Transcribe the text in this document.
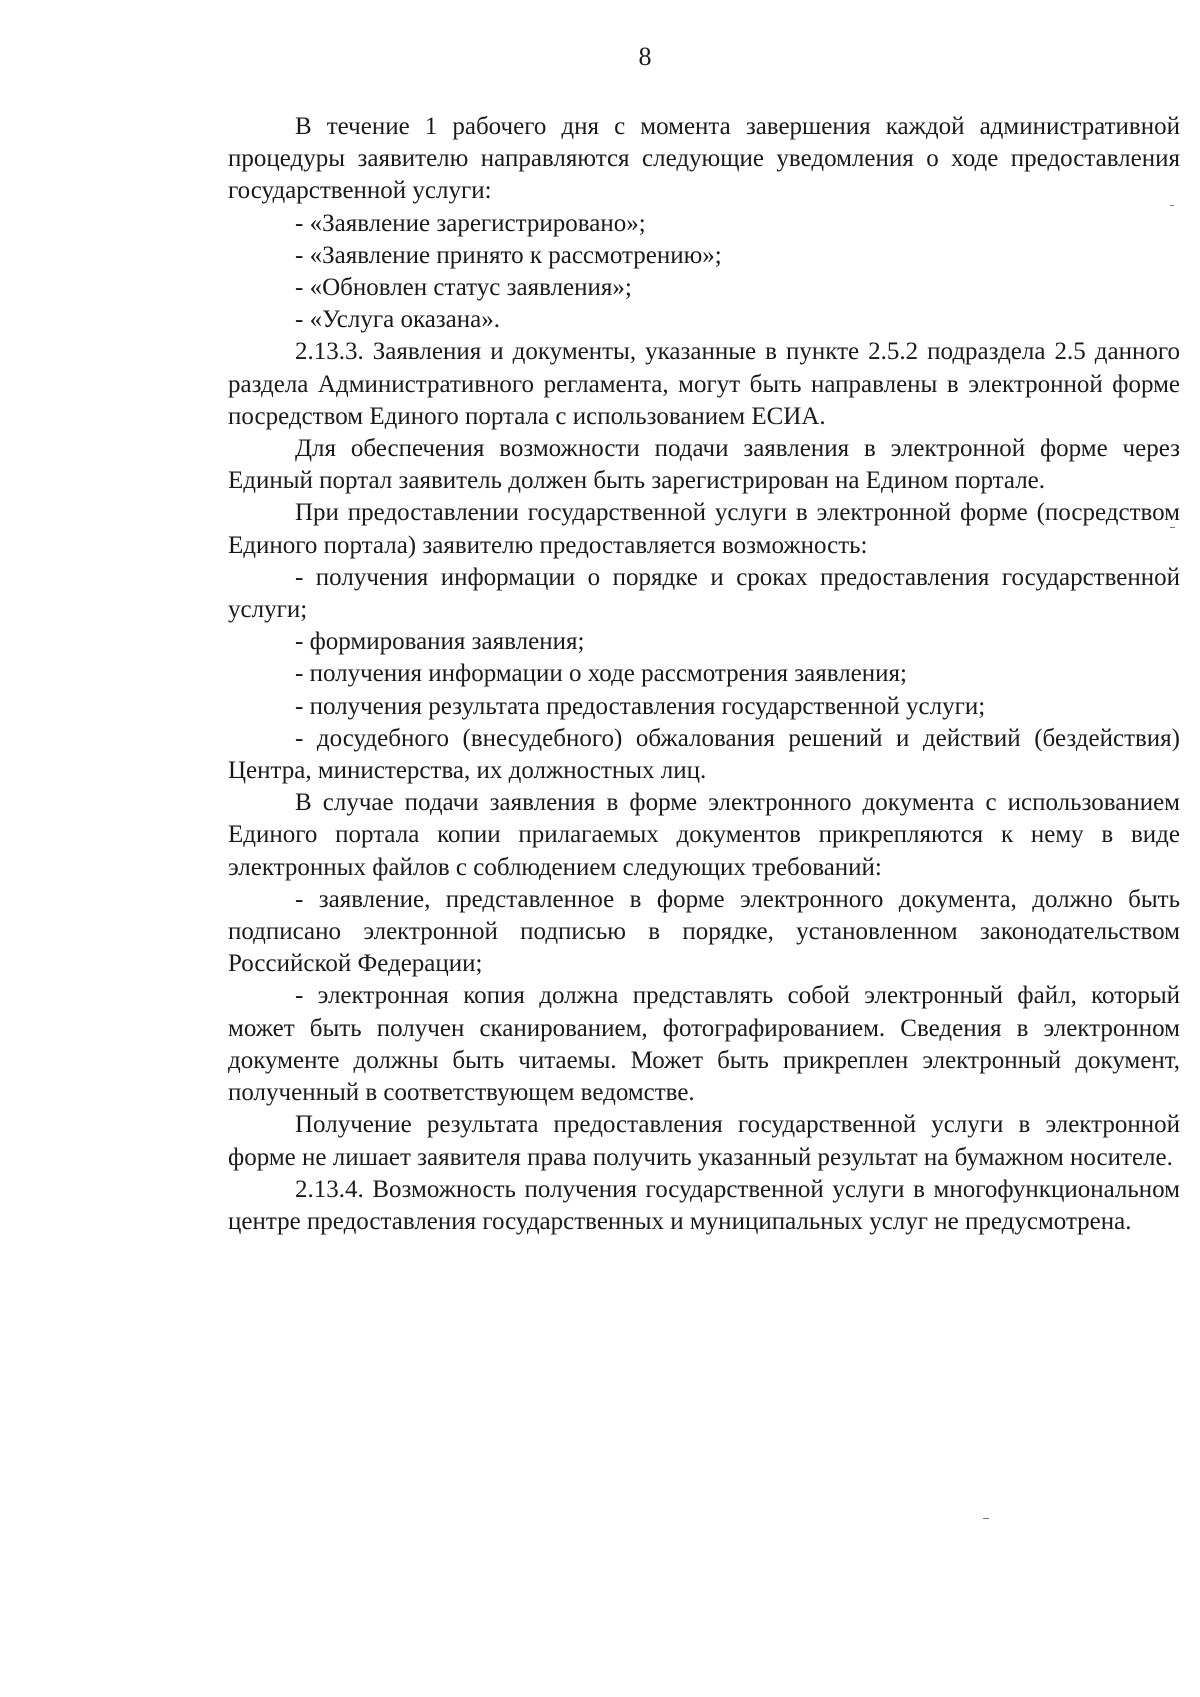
8

В течение 1 рабочего дня с момента завершения каждой административной процедуры заявителю направляются следующие уведомления о ходе предоставления государственной услуги:

- «Заявление зарегистрировано»;

- «Заявление принято к рассмотрению»;

- «Обновлен статус заявления»;

- «Услуга оказана».

2.13.3. Заявления и документы, указанные в пункте 2.5.2 подраздела 2.5 данного раздела Административного регламента, могут быть направлены в электронной форме посредством Единого портала с использованием ЕСИА.

Для обеспечения возможности подачи заявления в электронной форме через Единый портал заявитель должен быть зарегистрирован на Едином портале.

При предоставлении государственной услуги в электронной форме (посредством Единого портала) заявителю предоставляется возможность:

- получения информации о порядке и сроках предоставления государственной услуги;

- формирования заявления;

- получения информации о ходе рассмотрения заявления;

- получения результата предоставления государственной услуги;

- досудебного (внесудебного) обжалования решений и действий (бездействия) Центра, министерства, их должностных лиц.

В случае подачи заявления в форме электронного документа с использованием Единого портала копии прилагаемых документов прикрепляются к нему в виде электронных файлов с соблюдением следующих требований:

- заявление, представленное в форме электронного документа, должно быть подписано электронной подписью в порядке, установленном законодательством Российской Федерации;

- электронная копия должна представлять собой электронный файл, который может быть получен сканированием, фотографированием. Сведения в электронном документе должны быть читаемы. Может быть прикреплен электронный документ, полученный в соответствующем ведомстве.

Получение результата предоставления государственной услуги в электронной форме не лишает заявителя права получить указанный результат на бумажном носителе.

2.13.4. Возможность получения государственной услуги в многофункциональном центре предоставления государственных и муниципальных услуг не предусмотрена.
